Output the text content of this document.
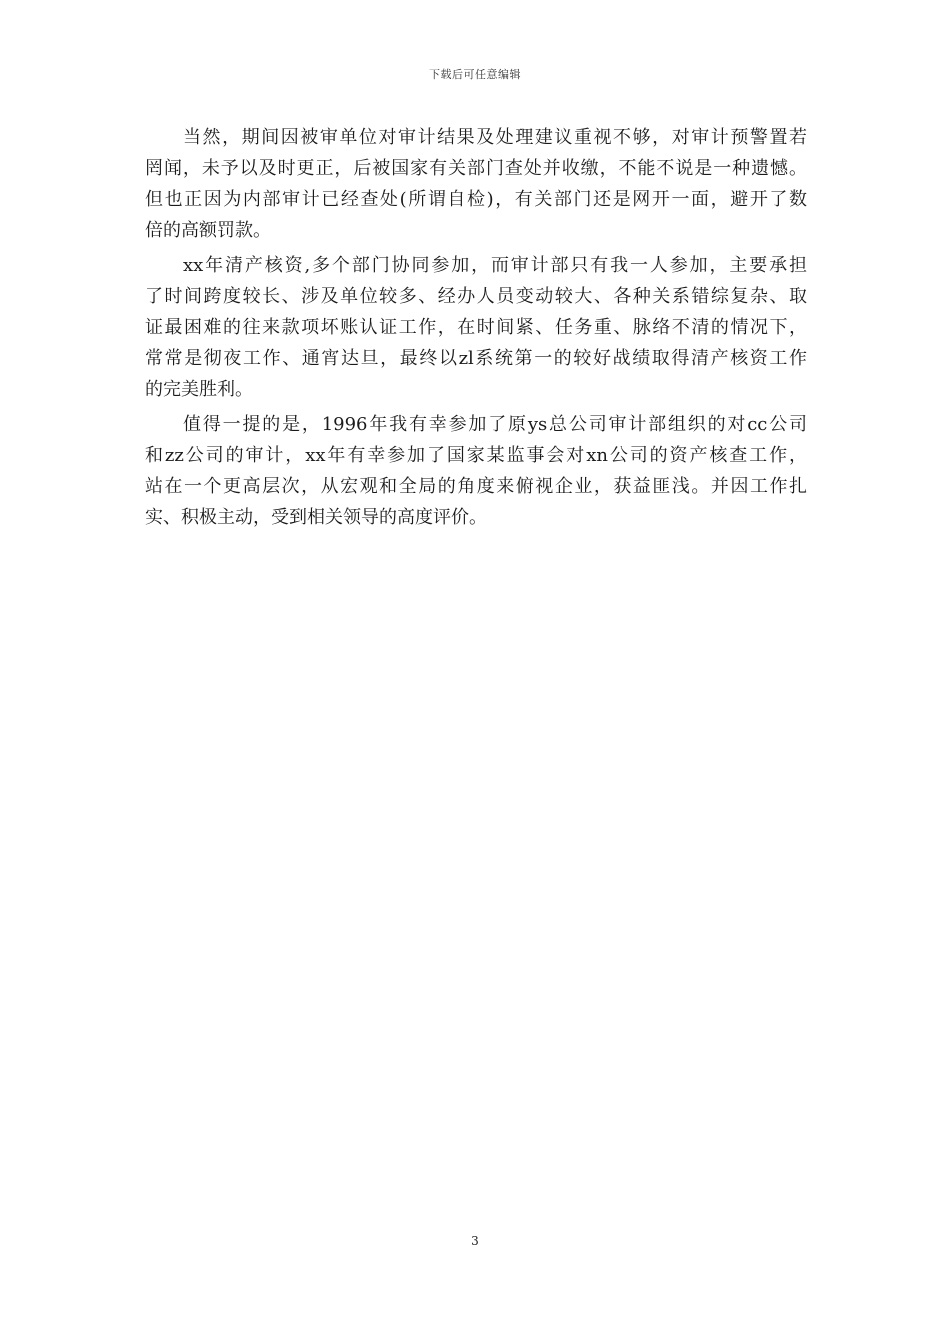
下载后可任意编辑
当然，期间因被审单位对审计结果及处理建议重视不够，对审计预警置若
罔闻，未予以及时更正，后被国家有关部门查处并收缴，不能不说是一种遗憾。
但也正因为内部审计已经查处(所谓自检)，有关部门还是网开一面，避开了数
倍的高额罚款。
xx年清产核资,多个部门协同参加，而审计部只有我一人参加，主要承担
了时间跨度较长、涉及单位较多、经办人员变动较大、各种关系错综复杂、取
证最困难的往来款项坏账认证工作，在时间紧、任务重、脉络不清的情况下，
常常是彻夜工作、通宵达旦，最终以zl系统第一的较好战绩取得清产核资工作
的完美胜利。
值得一提的是，1996年我有幸参加了原ys总公司审计部组织的对cc公司
和zz公司的审计，xx年有幸参加了国家某监事会对xn公司的资产核查工作，
站在一个更高层次，从宏观和全局的角度来俯视企业，获益匪浅。并因工作扎
实、积极主动，受到相关领导的高度评价。
3
